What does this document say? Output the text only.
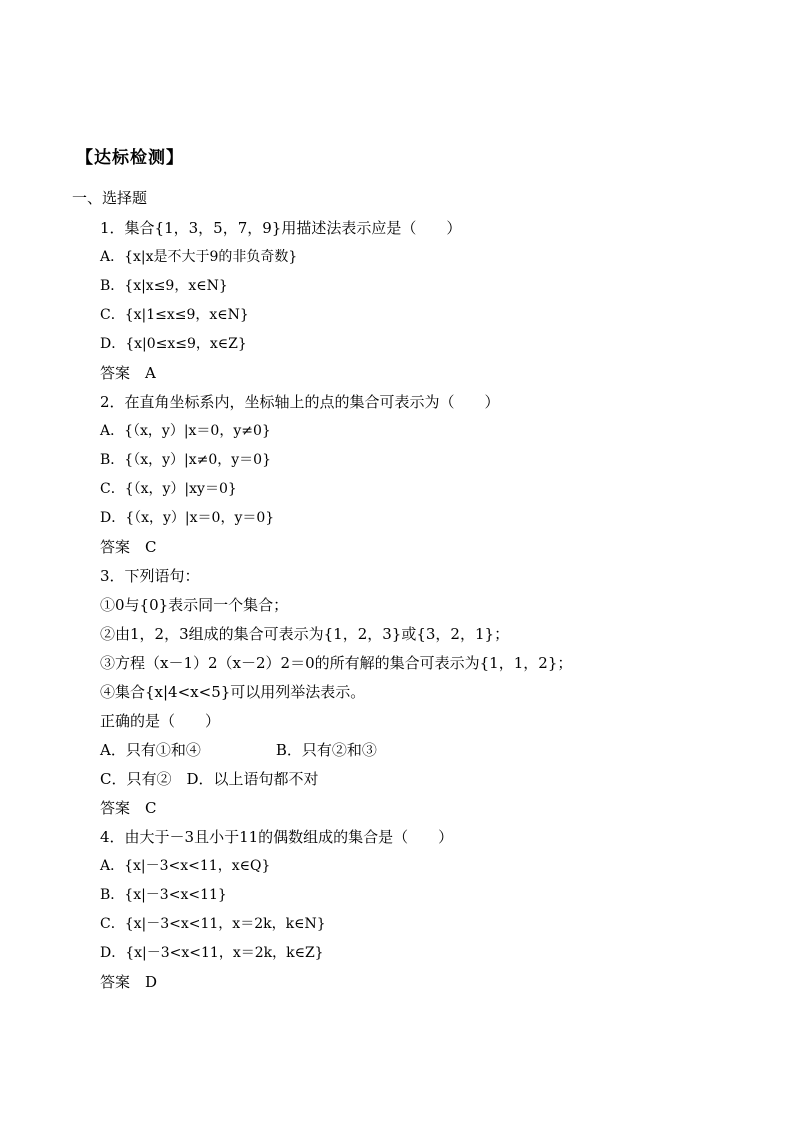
【达标检测】
一、选择题
1．集合{1，3，5，7，9}用描述法表示应是（　　）
A．{x|x是不大于9的非负奇数}
B．{x|x≤9，x∈N}
C．{x|1≤x≤9，x∈N}
D．{x|0≤x≤9，x∈Z}
答案　A
2．在直角坐标系内，坐标轴上的点的集合可表示为（　　）
A．{（x，y）|x＝0，y≠0}
B．{（x，y）|x≠0，y＝0}
C．{（x，y）|xy＝0}
D．{（x，y）|x＝0，y＝0}
答案　C
3．下列语句：
①0与{0}表示同一个集合；
②由1，2，3组成的集合可表示为{1，2，3}或{3，2，1}；
③方程（x－1）2（x－2）2＝0的所有解的集合可表示为{1，1，2}；
④集合{x|4<x<5}可以用列举法表示。
正确的是（　　）
A．只有①和④　　　　　B．只有②和③
C．只有②　D．以上语句都不对
答案　C
4．由大于－3且小于11的偶数组成的集合是（　　）
A．{x|－3<x<11，x∈Q}
B．{x|－3<x<11}
C．{x|－3<x<11，x＝2k，k∈N}
D．{x|－3<x<11，x＝2k，k∈Z}
答案　D
